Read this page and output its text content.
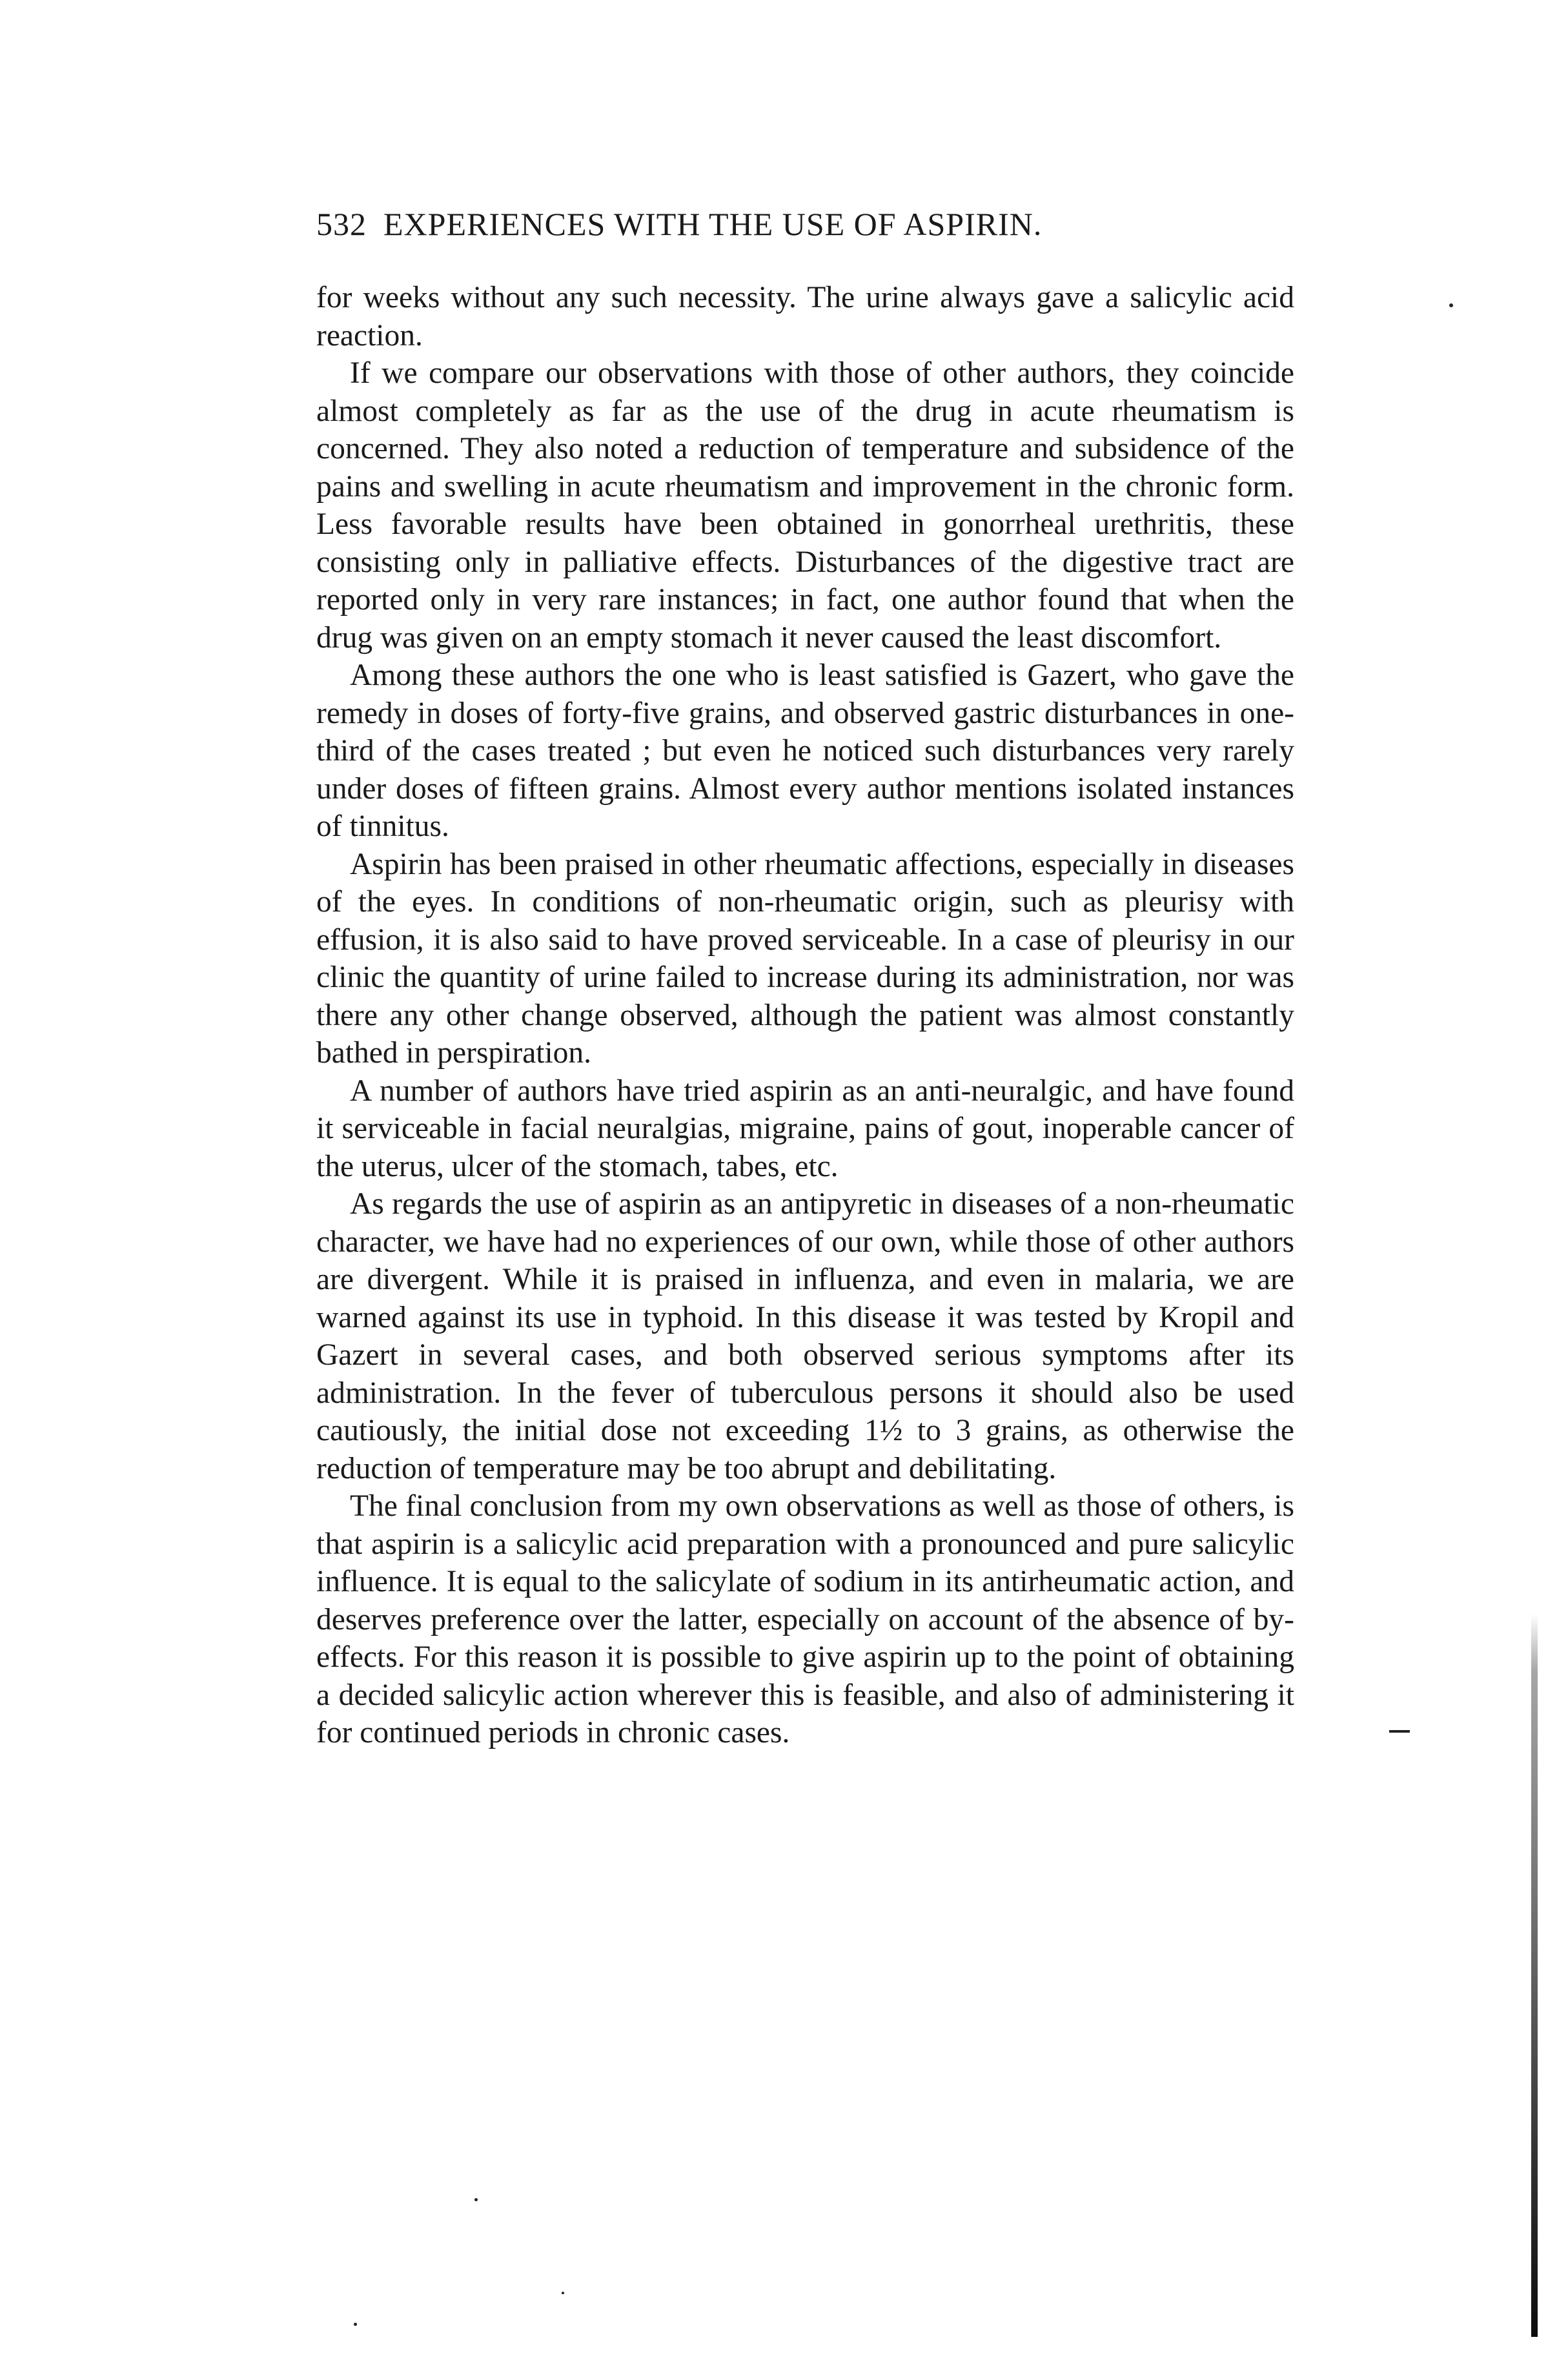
532 EXPERIENCES WITH THE USE OF ASPIRIN.

for weeks without any such necessity. The urine always gave a salicylic acid reaction.

If we compare our observations with those of other authors, they coincide almost completely as far as the use of the drug in acute rheumatism is concerned. They also noted a reduction of temperature and subsidence of the pains and swelling in acute rheumatism and improvement in the chronic form. Less favorable results have been obtained in gonorrheal urethritis, these consisting only in palliative effects. Disturbances of the digestive tract are reported only in very rare instances; in fact, one author found that when the drug was given on an empty stomach it never caused the least discomfort.

Among these authors the one who is least satisfied is Gazert, who gave the remedy in doses of forty-five grains, and observed gastric disturbances in one-third of the cases treated ; but even he noticed such disturbances very rarely under doses of fifteen grains. Almost every author mentions isolated instances of tinnitus.

Aspirin has been praised in other rheumatic affections, especially in diseases of the eyes. In conditions of non-rheumatic origin, such as pleurisy with effusion, it is also said to have proved serviceable. In a case of pleurisy in our clinic the quantity of urine failed to increase during its administration, nor was there any other change observed, although the patient was almost constantly bathed in perspiration.

A number of authors have tried aspirin as an anti-neuralgic, and have found it serviceable in facial neuralgias, migraine, pains of gout, inoperable cancer of the uterus, ulcer of the stomach, tabes, etc.

As regards the use of aspirin as an antipyretic in diseases of a non-rheumatic character, we have had no experiences of our own, while those of other authors are divergent. While it is praised in influenza, and even in malaria, we are warned against its use in typhoid. In this disease it was tested by Kropil and Gazert in several cases, and both observed serious symptoms after its administration. In the fever of tuberculous persons it should also be used cautiously, the initial dose not exceeding 1½ to 3 grains, as otherwise the reduction of temperature may be too abrupt and debilitating.

The final conclusion from my own observations as well as those of others, is that aspirin is a salicylic acid preparation with a pronounced and pure salicylic influence. It is equal to the salicylate of sodium in its antirheumatic action, and deserves preference over the latter, especially on account of the absence of by-effects. For this reason it is possible to give aspirin up to the point of obtaining a decided salicylic action wherever this is feasible, and also of administering it for continued periods in chronic cases.
